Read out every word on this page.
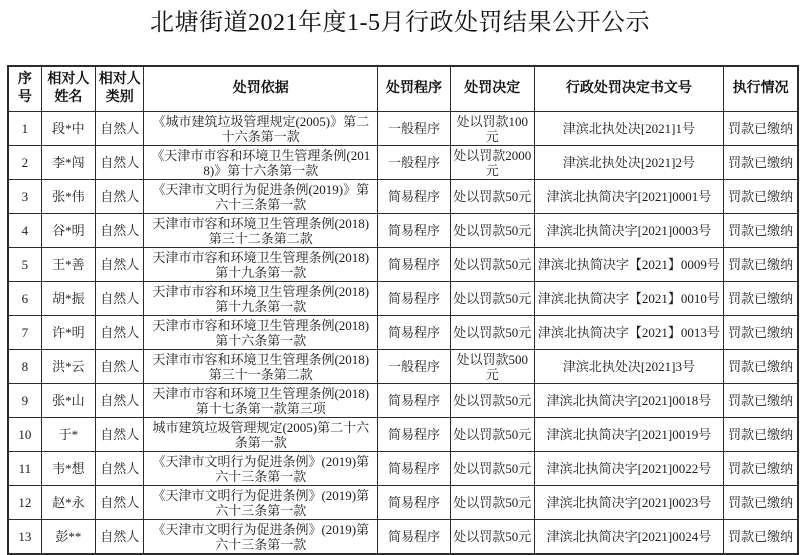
北塘街道2021年度1-5月行政处罚结果公开公示
序号	相对人姓名	相对人类别	处罚依据	处罚程序	处罚决定	行政处罚决定书文号	执行情况
1	段*中	自然人	《城市建筑垃圾管理规定(2005)》第二十六条第一款	一般程序	处以罚款100元	津滨北执处决[2021]1号	罚款已缴纳
2	李*闯	自然人	《天津市市容和环境卫生管理条例(2018)》第十六条第一款	一般程序	处以罚款2000元	津滨北执处决[2021]2号	罚款已缴纳
3	张*伟	自然人	《天津市文明行为促进条例(2019)》第六十三条第一款	简易程序	处以罚款50元	津滨北执简决字[2021]0001号	罚款已缴纳
4	谷*明	自然人	天津市市容和环境卫生管理条例(2018)第三十二条第二款	简易程序	处以罚款50元	津滨北执简决字[2021]0003号	罚款已缴纳
5	王*善	自然人	天津市市容和环境卫生管理条例(2018)第十九条第一款	简易程序	处以罚款50元	津滨北执简决字【2021】0009号	罚款已缴纳
6	胡*振	自然人	天津市市容和环境卫生管理条例(2018)第十九条第一款	简易程序	处以罚款50元	津滨北执简决字【2021】0010号	罚款已缴纳
7	许*明	自然人	天津市市容和环境卫生管理条例(2018)第十六条第一款	简易程序	处以罚款50元	津滨北执简决字【2021】0013号	罚款已缴纳
8	洪*云	自然人	天津市市容和环境卫生管理条例(2018)第三十一条第二款	一般程序	处以罚款500元	津滨北执处决[2021]3号	罚款已缴纳
9	张*山	自然人	天津市市容和环境卫生管理条例(2018)第十七条第一款第三项	简易程序	处以罚款50元	津滨北执简决字[2021]0018号	罚款已缴纳
10	于*	自然人	城市建筑垃圾管理规定(2005)第二十六条第一款	简易程序	处以罚款50元	津滨北执简决字[2021]0019号	罚款已缴纳
11	韦*想	自然人	《天津市文明行为促进条例》(2019)第六十三条第一款	简易程序	处以罚款50元	津滨北执简决字[2021]0022号	罚款已缴纳
12	赵*永	自然人	《天津市文明行为促进条例》(2019)第六十三条第一款	简易程序	处以罚款50元	津滨北执简决字[2021]0023号	罚款已缴纳
13	彭**	自然人	《天津市文明行为促进条例》(2019)第六十三条第一款	简易程序	处以罚款50元	津滨北执简决字[2021]0024号	罚款已缴纳
